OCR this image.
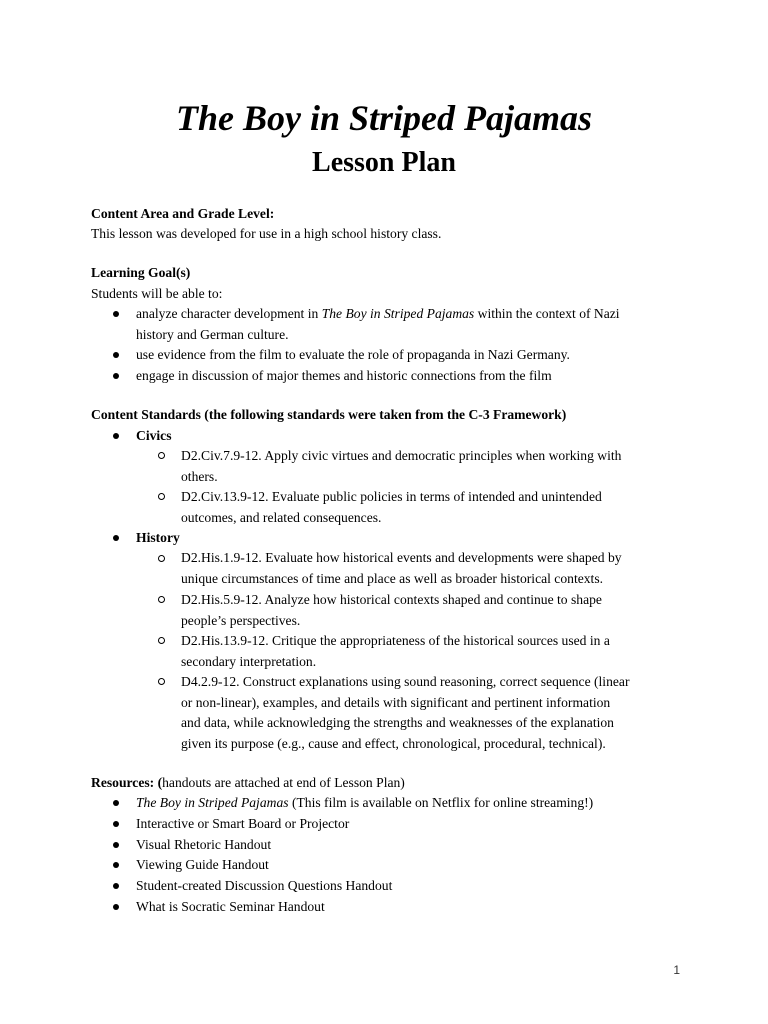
The Boy in Striped Pajamas
Lesson Plan
Content Area and Grade Level:
This lesson was developed for use in a high school history class.
Learning Goal(s)
Students will be able to:
analyze character development in The Boy in Striped Pajamas within the context of Nazi
history and German culture.
use evidence from the film to evaluate the role of propaganda in Nazi Germany.
engage in discussion of major themes and historic connections from the film
Content Standards (the following standards were taken from the C-3 Framework)
Civics
D2.Civ.7.9-12. Apply civic virtues and democratic principles when working with
others.
D2.Civ.13.9-12. Evaluate public policies in terms of intended and unintended
outcomes, and related consequences.
History
D2.His.1.9-12. Evaluate how historical events and developments were shaped by
unique circumstances of time and place as well as broader historical contexts.
D2.His.5.9-12. Analyze how historical contexts shaped and continue to shape
people’s perspectives.
D2.His.13.9-12. Critique the appropriateness of the historical sources used in a
secondary interpretation.
D4.2.9-12. Construct explanations using sound reasoning, correct sequence (linear
or non-linear), examples, and details with significant and pertinent information
and data, while acknowledging the strengths and weaknesses of the explanation
given its purpose (e.g., cause and effect, chronological, procedural, technical).
Resources: (handouts are attached at end of Lesson Plan)
The Boy in Striped Pajamas (This film is available on Netflix for online streaming!)
Interactive or Smart Board or Projector
Visual Rhetoric Handout
Viewing Guide Handout
Student-created Discussion Questions Handout
What is Socratic Seminar Handout
1
